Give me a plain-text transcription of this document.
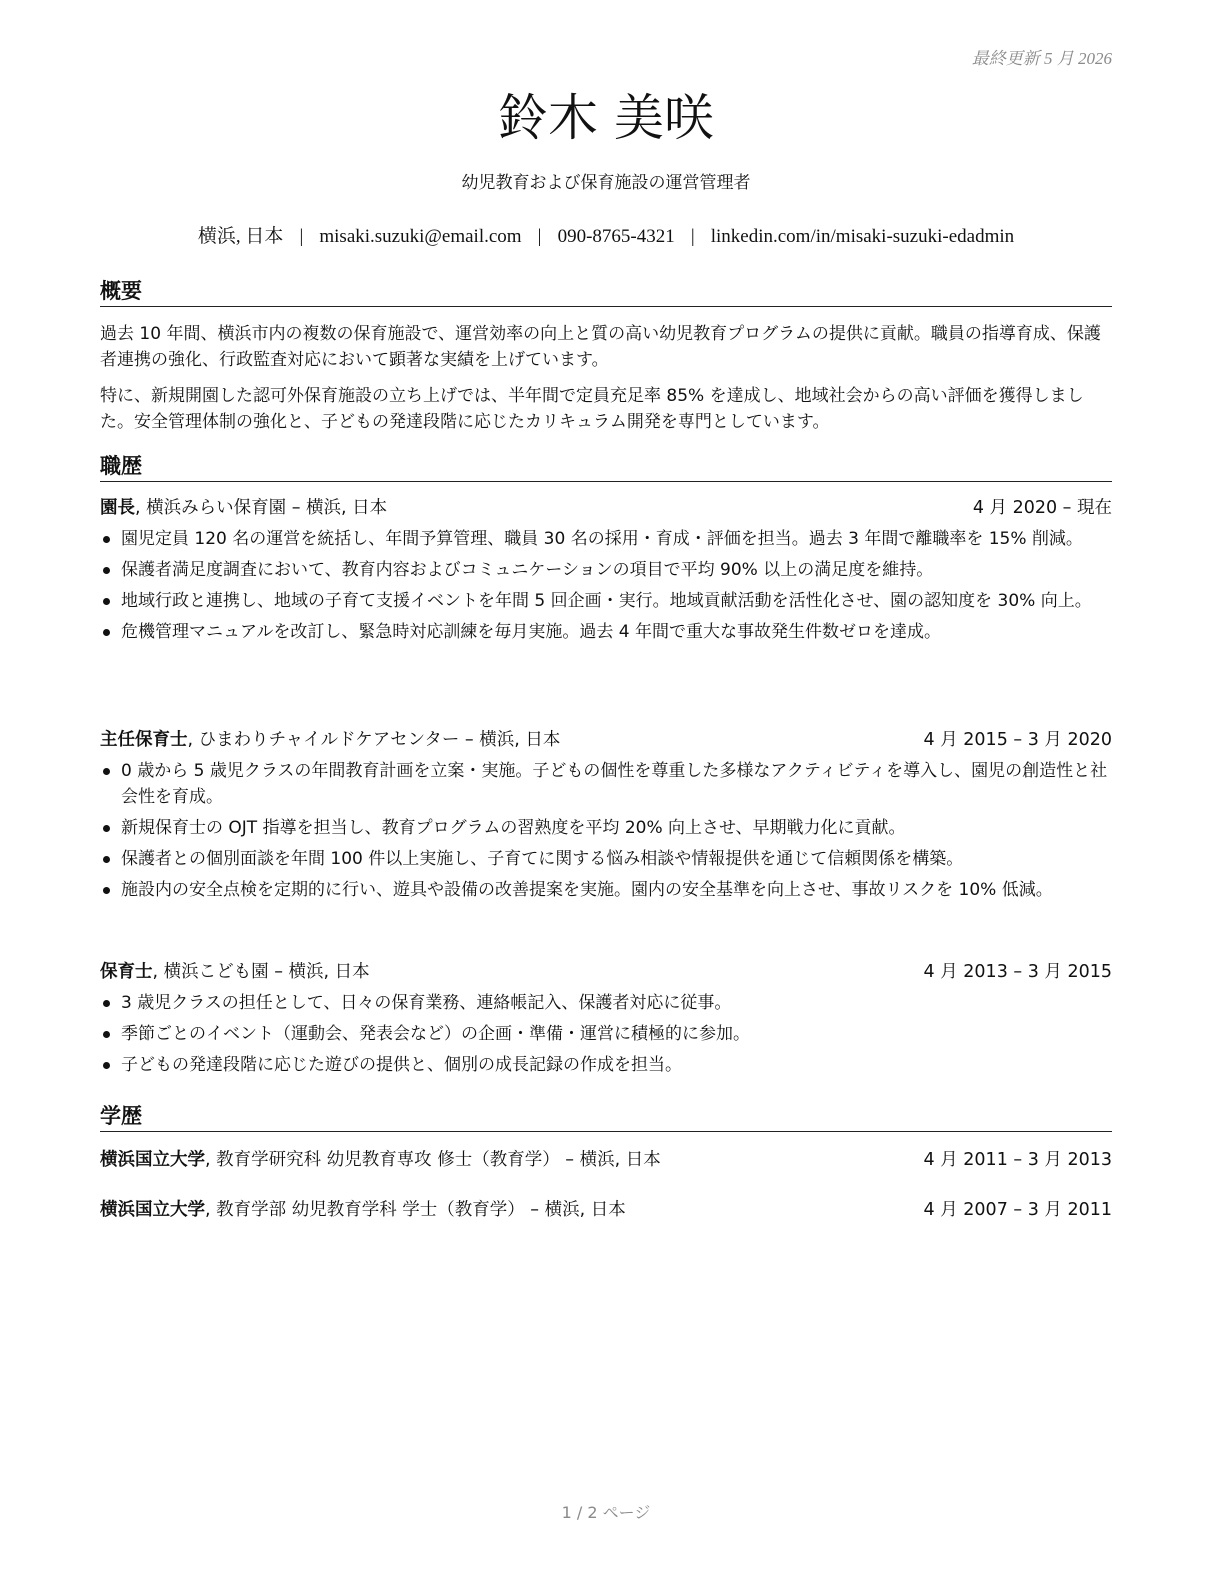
最終更新 5 月 2026
鈴木 美咲
幼児教育および保育施設の運営管理者
横浜, 日本 | misaki.suzuki@email.com | 090-8765-4321 | linkedin.com/in/misaki-suzuki-edadmin
概要

過去 10 年間、横浜市内の複数の保育施設で、運営効率の向上と質の高い幼児教育プログラムの提供に貢献。職員の指導育成、保護者連携の強化、行政監査対応において顕著な実績を上げています。

特に、新規開園した認可外保育施設の立ち上げでは、半年間で定員充足率 85% を達成し、地域社会からの高い評価を獲得しました。安全管理体制の強化と、子どもの発達段階に応じたカリキュラム開発を専門としています。

職歴
園長, 横浜みらい保育園 – 横浜, 日本	4 月 2020 – 現在
園児定員 120 名の運営を統括し、年間予算管理、職員 30 名の採用・育成・評価を担当。過去 3 年間で離職率を 15% 削減。
保護者満足度調査において、教育内容およびコミュニケーションの項目で平均 90% 以上の満足度を維持。
地域行政と連携し、地域の子育て支援イベントを年間 5 回企画・実行。地域貢献活動を活性化させ、園の認知度を 30% 向上。
危機管理マニュアルを改訂し、緊急時対応訓練を毎月実施。過去 4 年間で重大な事故発生件数ゼロを達成。
主任保育士, ひまわりチャイルドケアセンター – 横浜, 日本	4 月 2015 – 3 月 2020
0 歳から 5 歳児クラスの年間教育計画を立案・実施。子どもの個性を尊重した多様なアクティビティを導入し、園児の創造性と社会性を育成。
新規保育士の OJT 指導を担当し、教育プログラムの習熟度を平均 20% 向上させ、早期戦力化に貢献。
保護者との個別面談を年間 100 件以上実施し、子育てに関する悩み相談や情報提供を通じて信頼関係を構築。
施設内の安全点検を定期的に行い、遊具や設備の改善提案を実施。園内の安全基準を向上させ、事故リスクを 10% 低減。
保育士, 横浜こども園 – 横浜, 日本	4 月 2013 – 3 月 2015
3 歳児クラスの担任として、日々の保育業務、連絡帳記入、保護者対応に従事。
季節ごとのイベント（運動会、発表会など）の企画・準備・運営に積極的に参加。
子どもの発達段階に応じた遊びの提供と、個別の成長記録の作成を担当。
学歴
横浜国立大学, 教育学研究科 幼児教育専攻 修士（教育学） – 横浜, 日本	4 月 2011 – 3 月 2013
横浜国立大学, 教育学部 幼児教育学科 学士（教育学） – 横浜, 日本	4 月 2007 – 3 月 2011
1 / 2 ページ
